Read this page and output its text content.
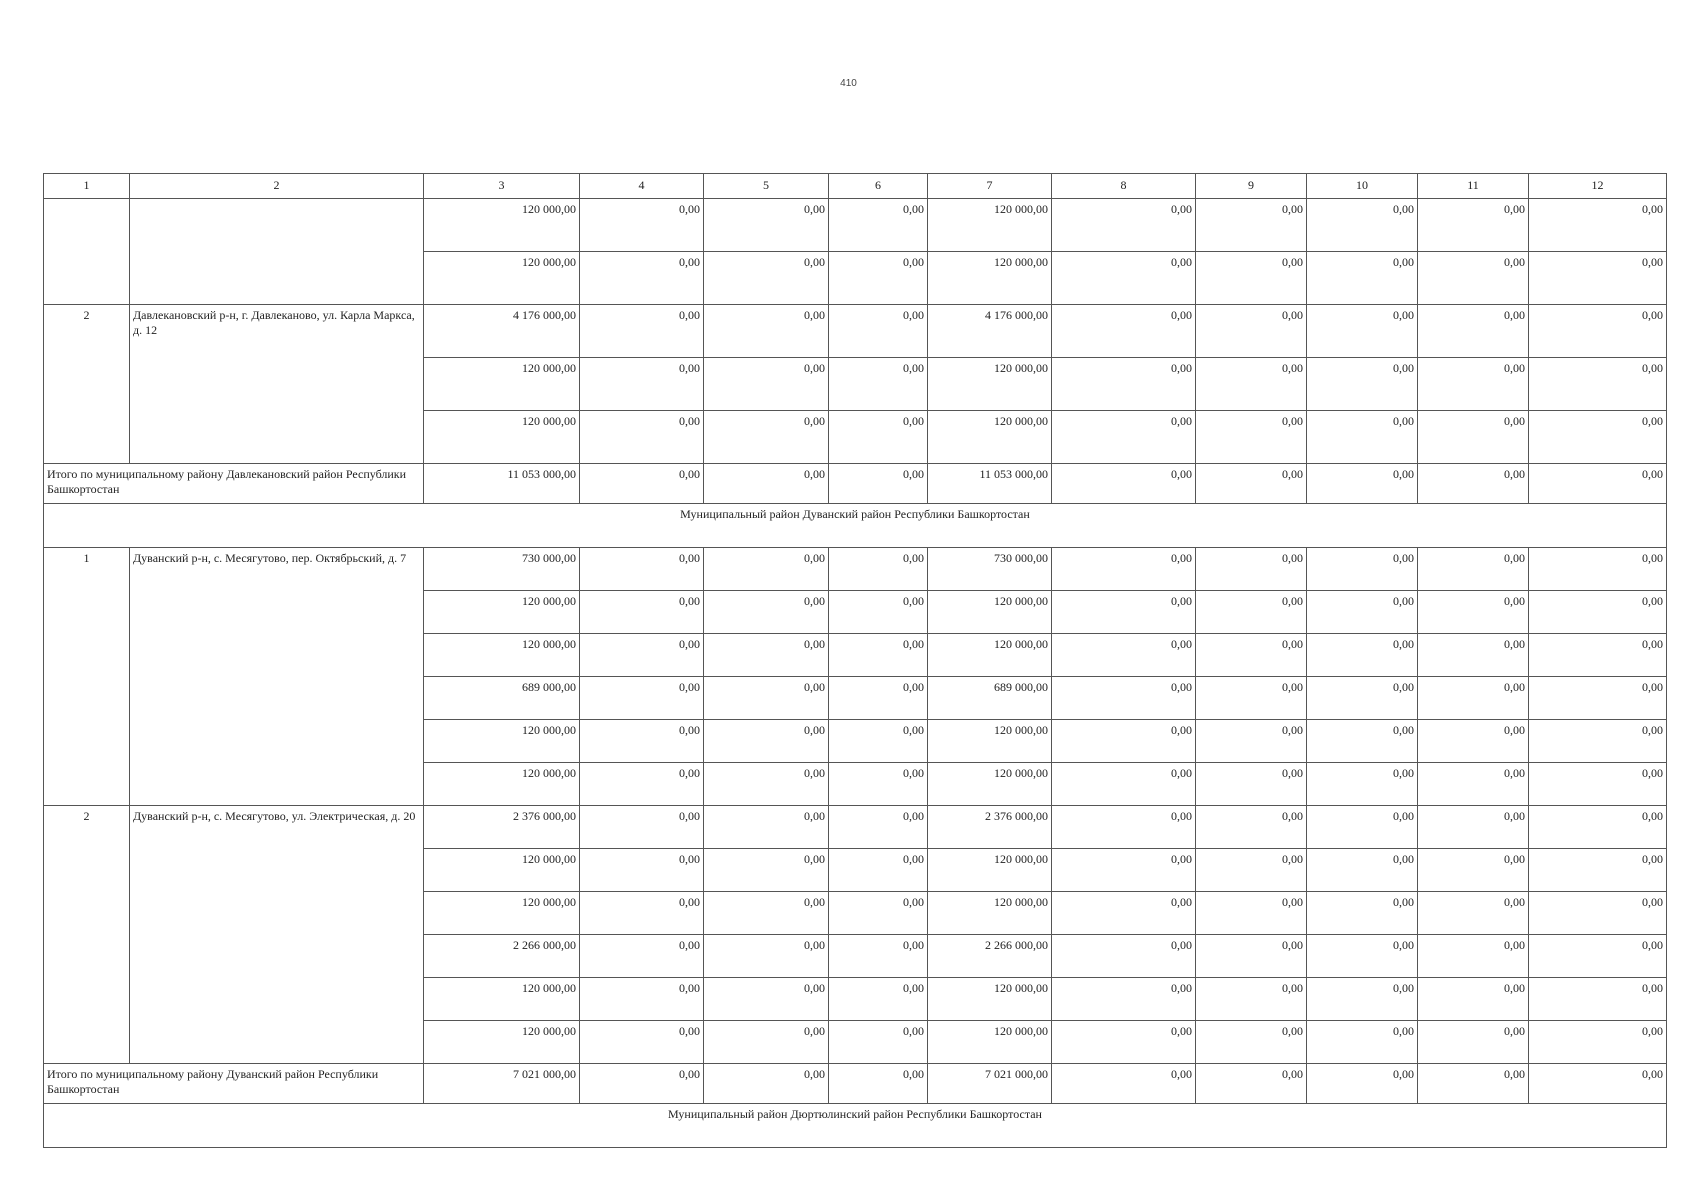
410
1	2	3	4	5	6	7	8	9	10	11	12
		120 000,00	0,00	0,00	0,00	120 000,00	0,00	0,00	0,00	0,00	0,00
		120 000,00	0,00	0,00	0,00	120 000,00	0,00	0,00	0,00	0,00	0,00
2	Давлекановский р-н, г. Давлеканово, ул. Карла Маркса, д. 12	4 176 000,00	0,00	0,00	0,00	4 176 000,00	0,00	0,00	0,00	0,00	0,00
		120 000,00	0,00	0,00	0,00	120 000,00	0,00	0,00	0,00	0,00	0,00
		120 000,00	0,00	0,00	0,00	120 000,00	0,00	0,00	0,00	0,00	0,00
Итого по муниципальному району Давлекановский район Республики Башкортостан		11 053 000,00	0,00	0,00	0,00	11 053 000,00	0,00	0,00	0,00	0,00	0,00
Муниципальный район Дуванский район Республики Башкортостан											
1	Дуванский р-н, с. Месягутово, пер. Октябрьский, д. 7	730 000,00	0,00	0,00	0,00	730 000,00	0,00	0,00	0,00	0,00	0,00
		120 000,00	0,00	0,00	0,00	120 000,00	0,00	0,00	0,00	0,00	0,00
		120 000,00	0,00	0,00	0,00	120 000,00	0,00	0,00	0,00	0,00	0,00
		689 000,00	0,00	0,00	0,00	689 000,00	0,00	0,00	0,00	0,00	0,00
		120 000,00	0,00	0,00	0,00	120 000,00	0,00	0,00	0,00	0,00	0,00
		120 000,00	0,00	0,00	0,00	120 000,00	0,00	0,00	0,00	0,00	0,00
2	Дуванский р-н, с. Месягутово, ул. Электрическая, д. 20	2 376 000,00	0,00	0,00	0,00	2 376 000,00	0,00	0,00	0,00	0,00	0,00
		120 000,00	0,00	0,00	0,00	120 000,00	0,00	0,00	0,00	0,00	0,00
		120 000,00	0,00	0,00	0,00	120 000,00	0,00	0,00	0,00	0,00	0,00
		2 266 000,00	0,00	0,00	0,00	2 266 000,00	0,00	0,00	0,00	0,00	0,00
		120 000,00	0,00	0,00	0,00	120 000,00	0,00	0,00	0,00	0,00	0,00
		120 000,00	0,00	0,00	0,00	120 000,00	0,00	0,00	0,00	0,00	0,00
Итого по муниципальному району Дуванский район Республики Башкортостан		7 021 000,00	0,00	0,00	0,00	7 021 000,00	0,00	0,00	0,00	0,00	0,00
Муниципальный район Дюртюлинский район Республики Башкортостан											
